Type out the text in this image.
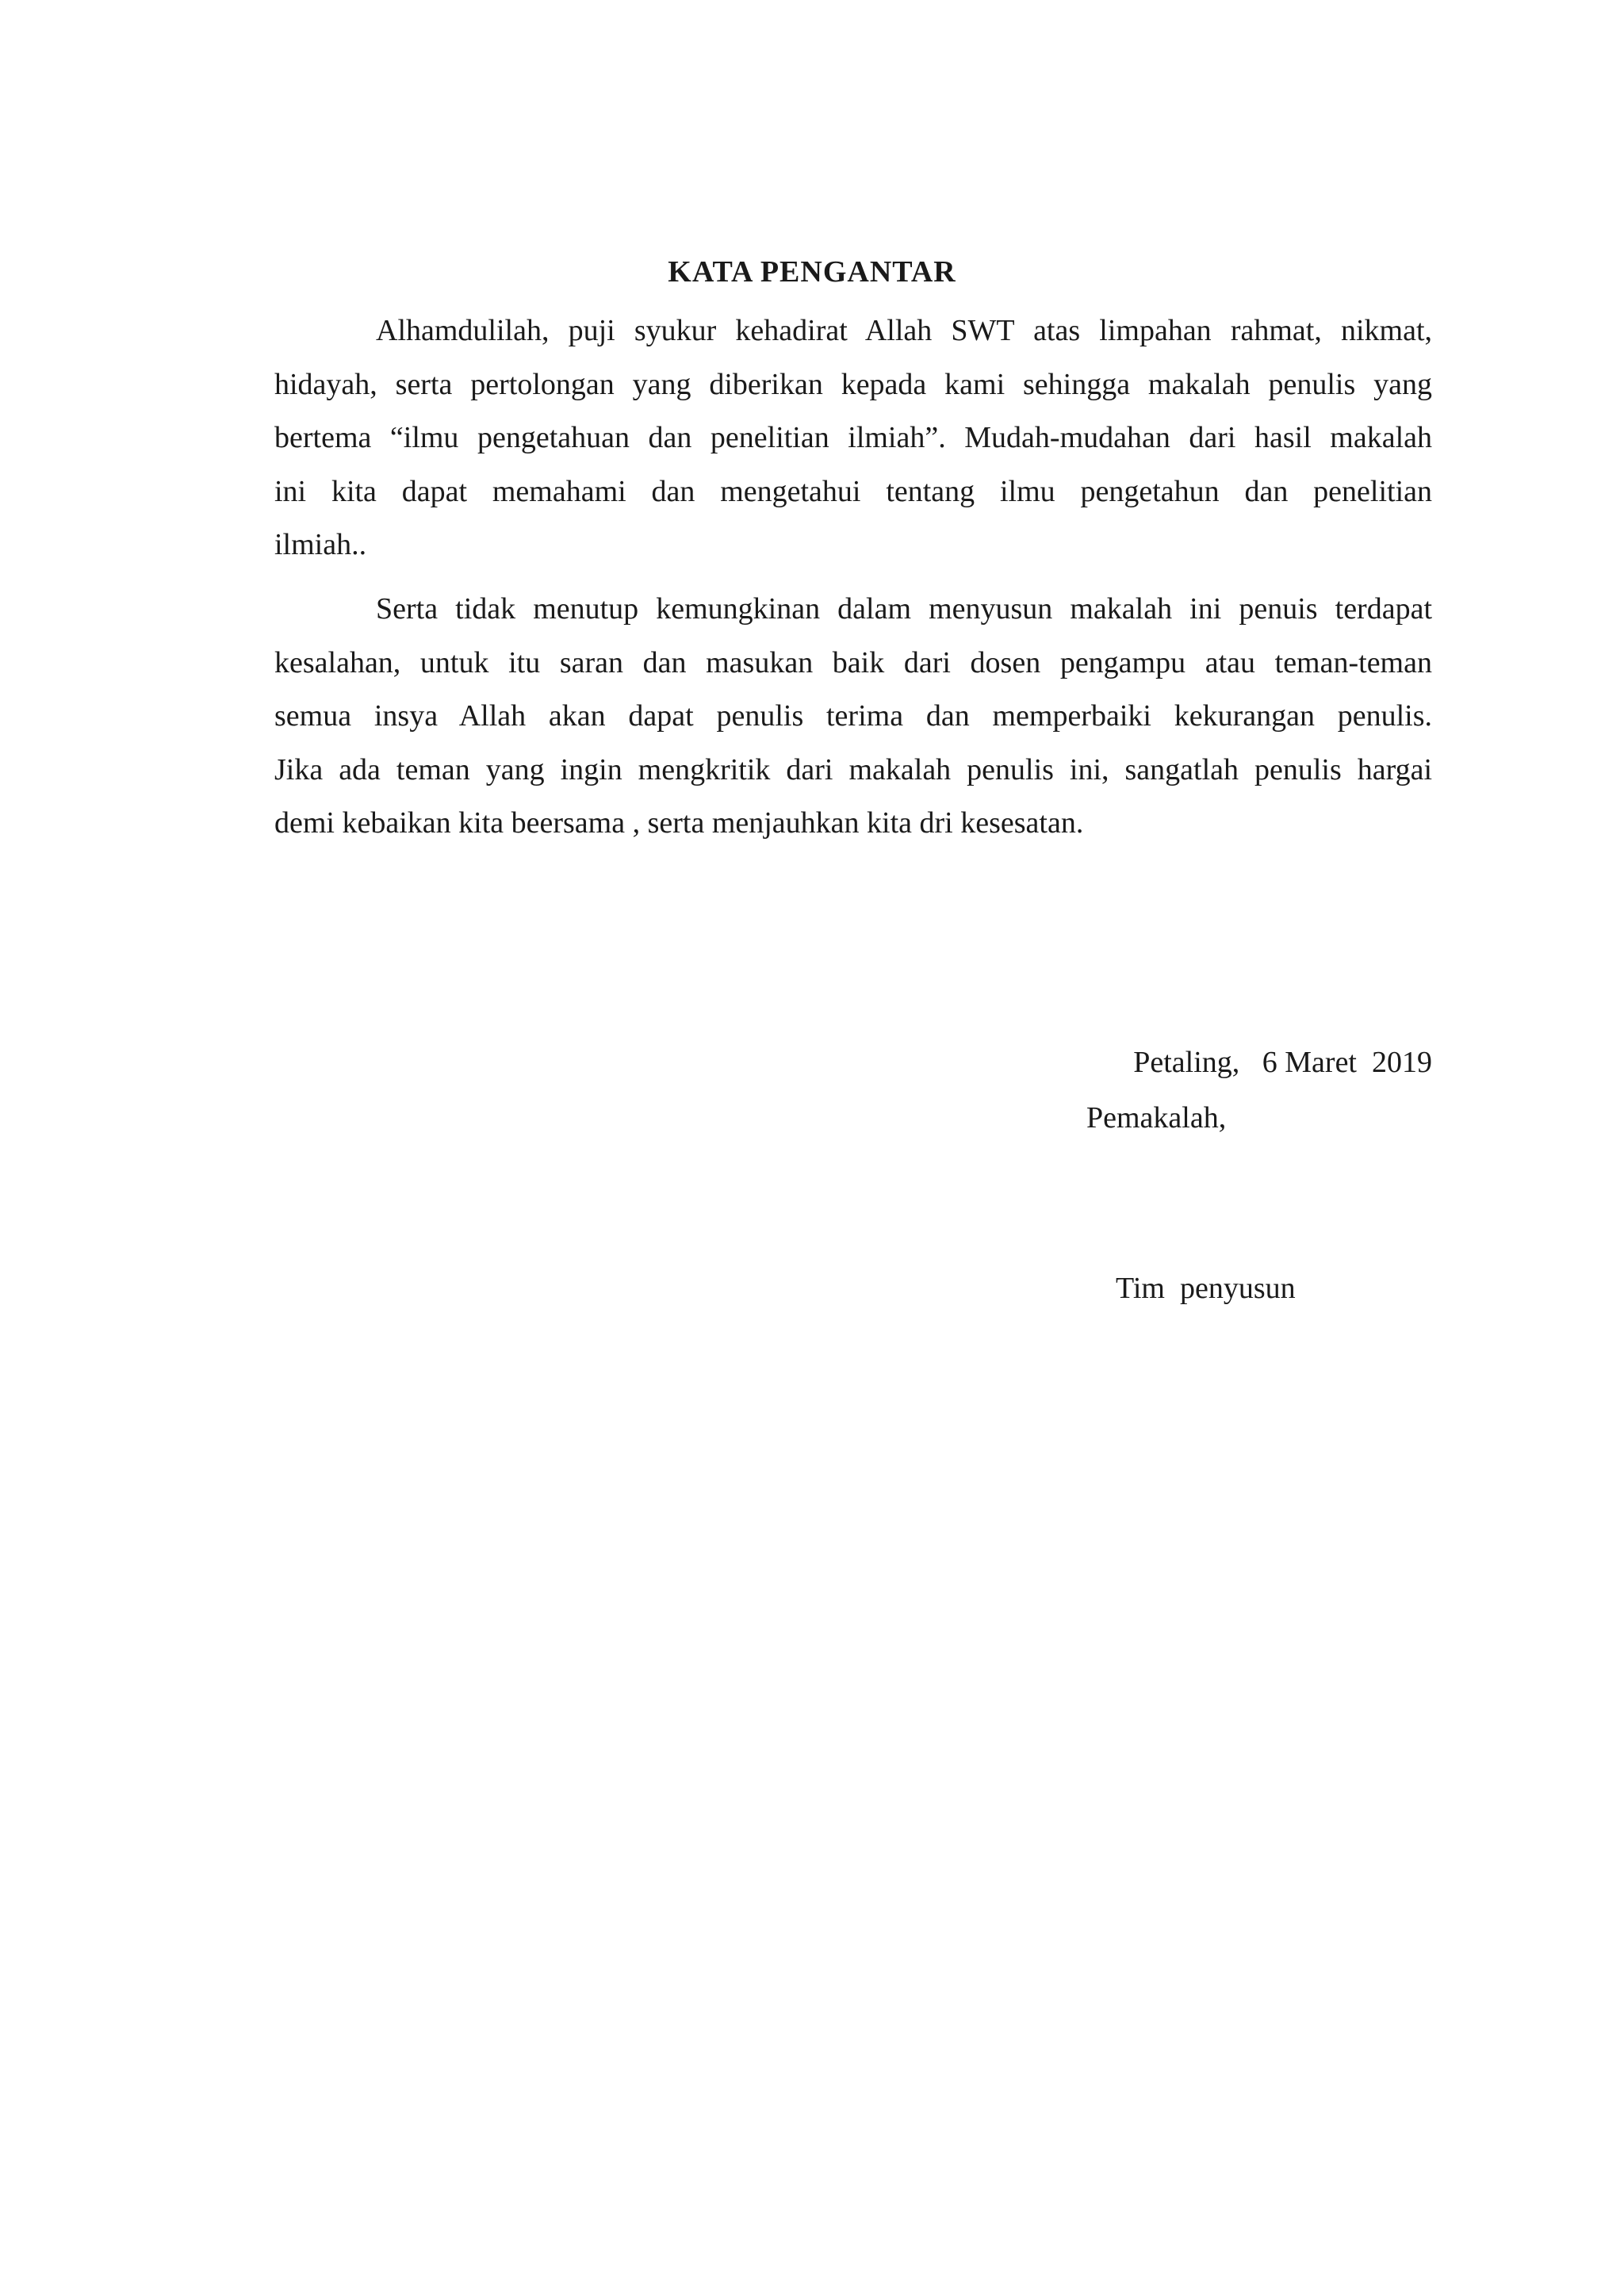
KATA PENGANTAR
Alhamdulilah, puji syukur kehadirat Allah SWT atas limpahan rahmat, nikmat,
hidayah, serta pertolongan yang diberikan kepada kami sehingga makalah penulis yang
bertema “ilmu pengetahuan dan penelitian ilmiah”. Mudah-mudahan dari hasil makalah
ini kita dapat memahami dan mengetahui tentang ilmu pengetahun dan penelitian
ilmiah..
Serta tidak menutup kemungkinan dalam menyusun makalah ini penuis terdapat
kesalahan, untuk itu saran dan masukan baik dari dosen pengampu atau teman-teman
semua insya Allah akan dapat penulis terima dan memperbaiki kekurangan penulis.
Jika ada teman yang ingin mengkritik dari makalah penulis ini, sangatlah penulis hargai
demi kebaikan kita beersama , serta menjauhkan kita dri kesesatan.
Petaling,   6 Maret  2019
Pemakalah,
Tim  penyusun
